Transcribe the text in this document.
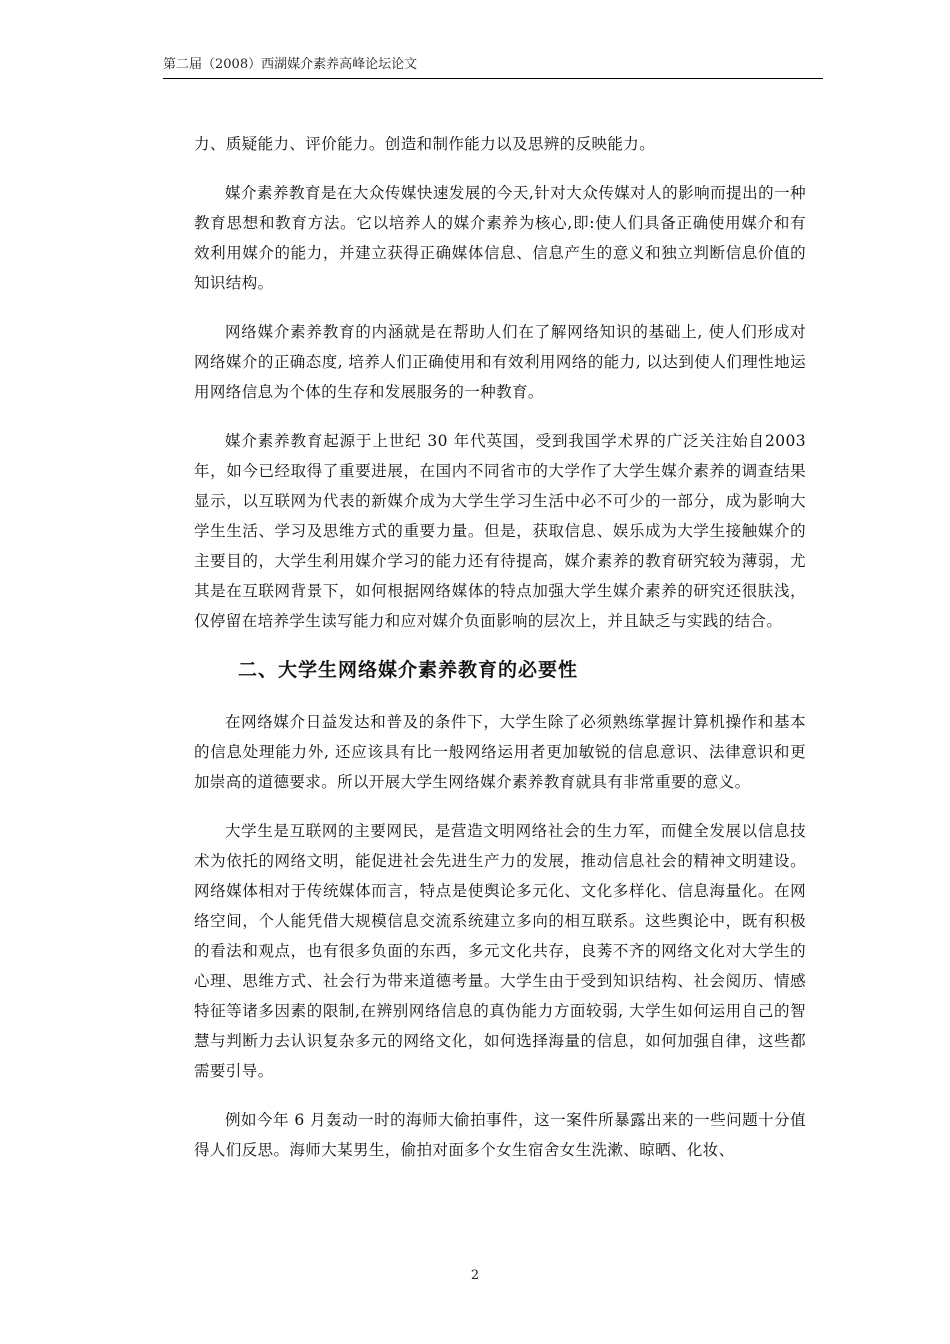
第二届（2008）西湖媒介素养高峰论坛论文

力、质疑能力、评价能力。创造和制作能力以及思辨的反映能力。

媒介素养教育是在大众传媒快速发展的今天,针对大众传媒对人的影响而提出的一种教育思想和教育方法。它以培养人的媒介素养为核心,即:使人们具备正确使用媒介和有效利用媒介的能力，并建立获得正确媒体信息、信息产生的意义和独立判断信息价值的知识结构。

网络媒介素养教育的内涵就是在帮助人们在了解网络知识的基础上, 使人们形成对网络媒介的正确态度, 培养人们正确使用和有效利用网络的能力, 以达到使人们理性地运用网络信息为个体的生存和发展服务的一种教育。

媒介素养教育起源于上世纪 30 年代英国，受到我国学术界的广泛关注始自2003 年，如今已经取得了重要进展，在国内不同省市的大学作了大学生媒介素养的调查结果显示，以互联网为代表的新媒介成为大学生学习生活中必不可少的一部分，成为影响大学生生活、学习及思维方式的重要力量。但是，获取信息、娱乐成为大学生接触媒介的主要目的，大学生利用媒介学习的能力还有待提高，媒介素养的教育研究较为薄弱，尤其是在互联网背景下，如何根据网络媒体的特点加强大学生媒介素养的研究还很肤浅，仅停留在培养学生读写能力和应对媒介负面影响的层次上，并且缺乏与实践的结合。

二、大学生网络媒介素养教育的必要性

在网络媒介日益发达和普及的条件下，大学生除了必须熟练掌握计算机操作和基本的信息处理能力外, 还应该具有比一般网络运用者更加敏锐的信息意识、法律意识和更加崇高的道德要求。所以开展大学生网络媒介素养教育就具有非常重要的意义。

大学生是互联网的主要网民，是营造文明网络社会的生力军，而健全发展以信息技术为依托的网络文明，能促进社会先进生产力的发展，推动信息社会的精神文明建设。网络媒体相对于传统媒体而言，特点是使舆论多元化、文化多样化、信息海量化。在网络空间，个人能凭借大规模信息交流系统建立多向的相互联系。这些舆论中，既有积极的看法和观点，也有很多负面的东西，多元文化共存，良莠不齐的网络文化对大学生的心理、思维方式、社会行为带来道德考量。大学生由于受到知识结构、社会阅历、情感特征等诸多因素的限制,在辨别网络信息的真伪能力方面较弱, 大学生如何运用自己的智慧与判断力去认识复杂多元的网络文化，如何选择海量的信息，如何加强自律，这些都需要引导。

例如今年 6 月轰动一时的海师大偷拍事件，这一案件所暴露出来的一些问题十分值得人们反思。海师大某男生，偷拍对面多个女生宿舍女生洗漱、晾晒、化妆、

2
